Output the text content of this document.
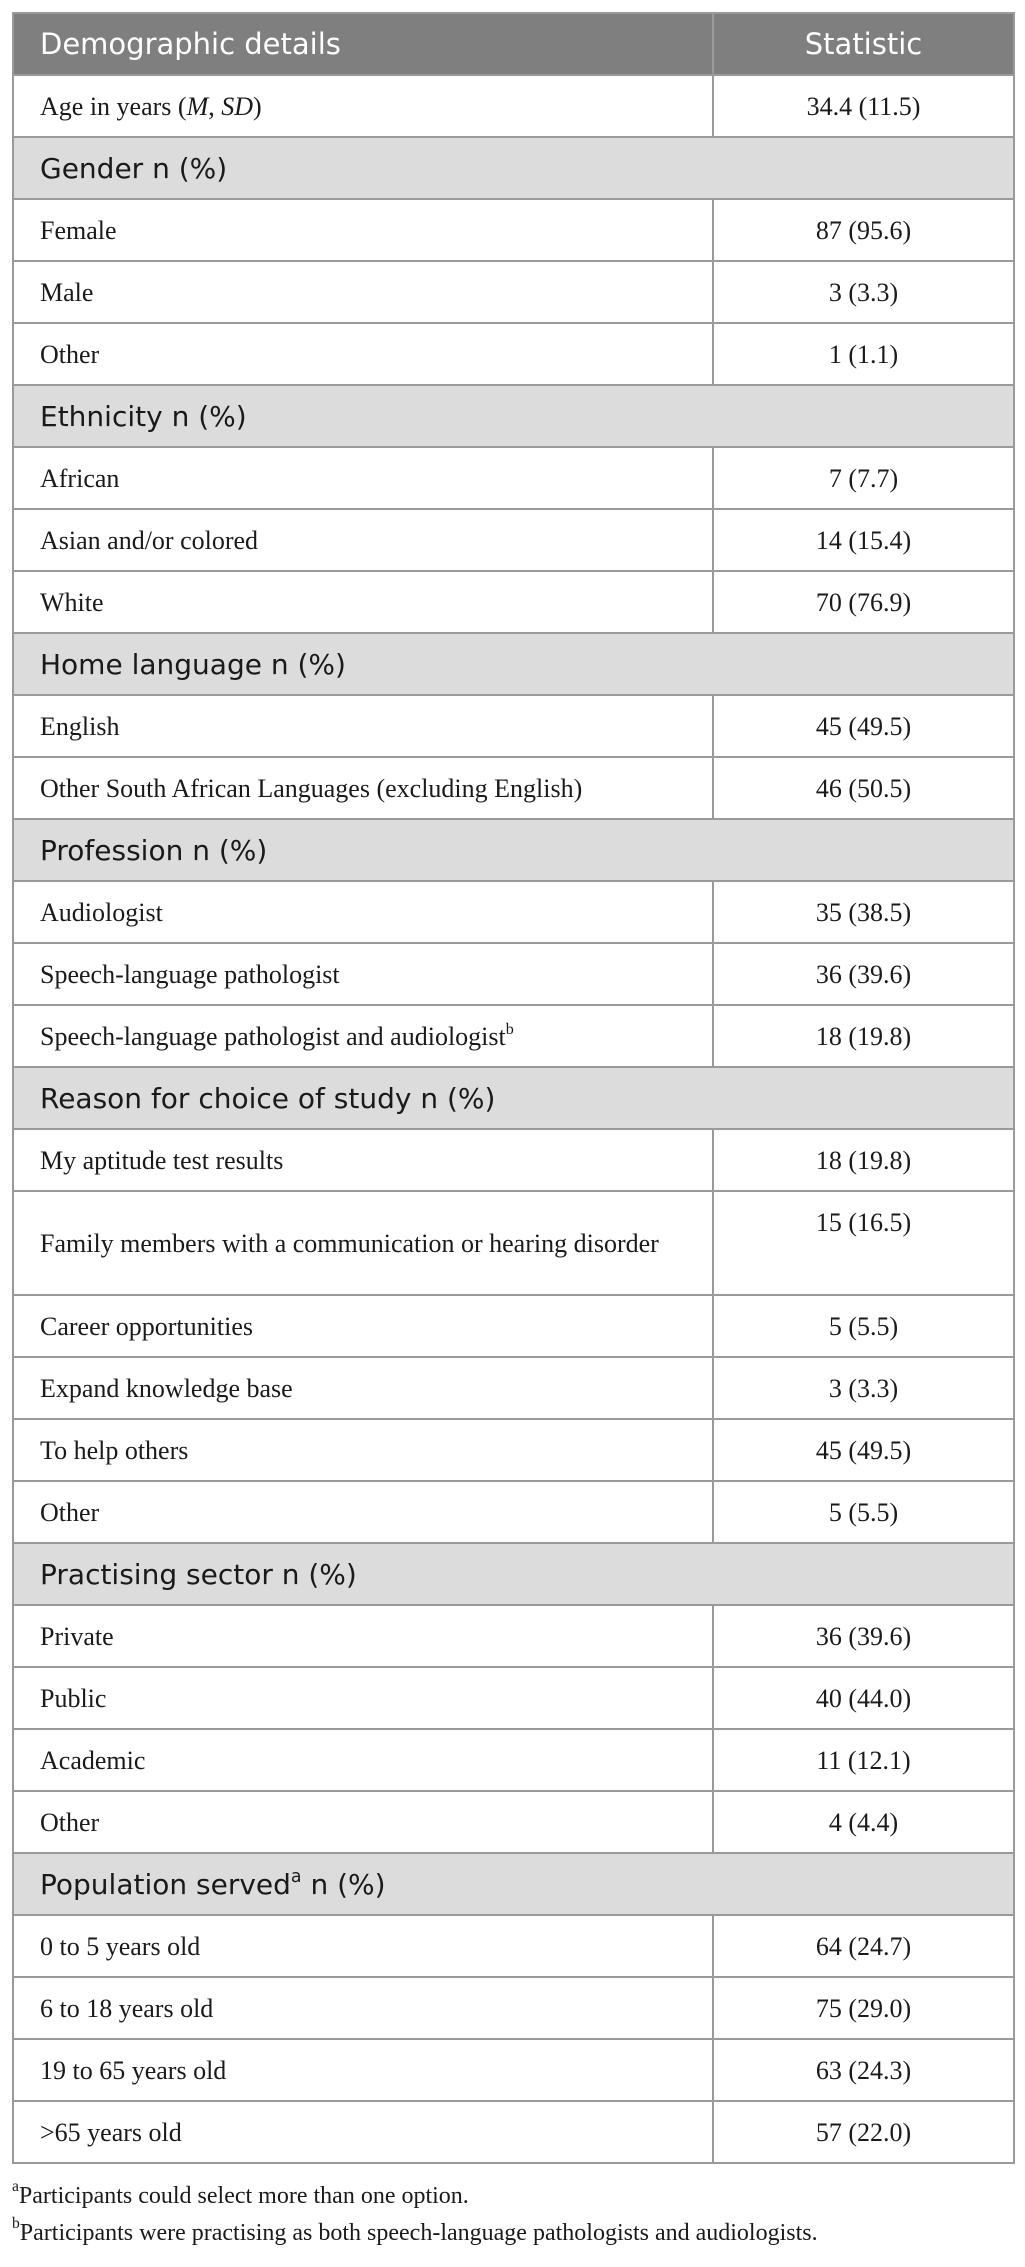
Demographic details	Statistic
Age in years (M, SD)	34.4 (11.5)
Gender n (%)	
Female	87 (95.6)
Male	3 (3.3)
Other	1 (1.1)
Ethnicity n (%)	
African	7 (7.7)
Asian and/or colored	14 (15.4)
White	70 (76.9)
Home language n (%)	
English	45 (49.5)
Other South African Languages (excluding English)	46 (50.5)
Profession n (%)	
Audiologist	35 (38.5)
Speech-language pathologist	36 (39.6)
Speech-language pathologist and audiologist$^b$	18 (19.8)
Reason for choice of study n (%)	
My aptitude test results	18 (19.8)
Family members with a communication or hearing disorder	15 (16.5)
Career opportunities	5 (5.5)
Expand knowledge base	3 (3.3)
To help others	45 (49.5)
Other	5 (5.5)
Practising sector n (%)	
Private	36 (39.6)
Public	40 (44.0)
Academic	11 (12.1)
Other	4 (4.4)
Population served$^a$ n (%)	
0 to 5 years old	64 (24.7)
6 to 18 years old	75 (29.0)
19 to 65 years old	63 (24.3)
>65 years old	57 (22.0)
$^a$Participants could select more than one option.
$^b$Participants were practising as both speech-language pathologists and audiologists.
